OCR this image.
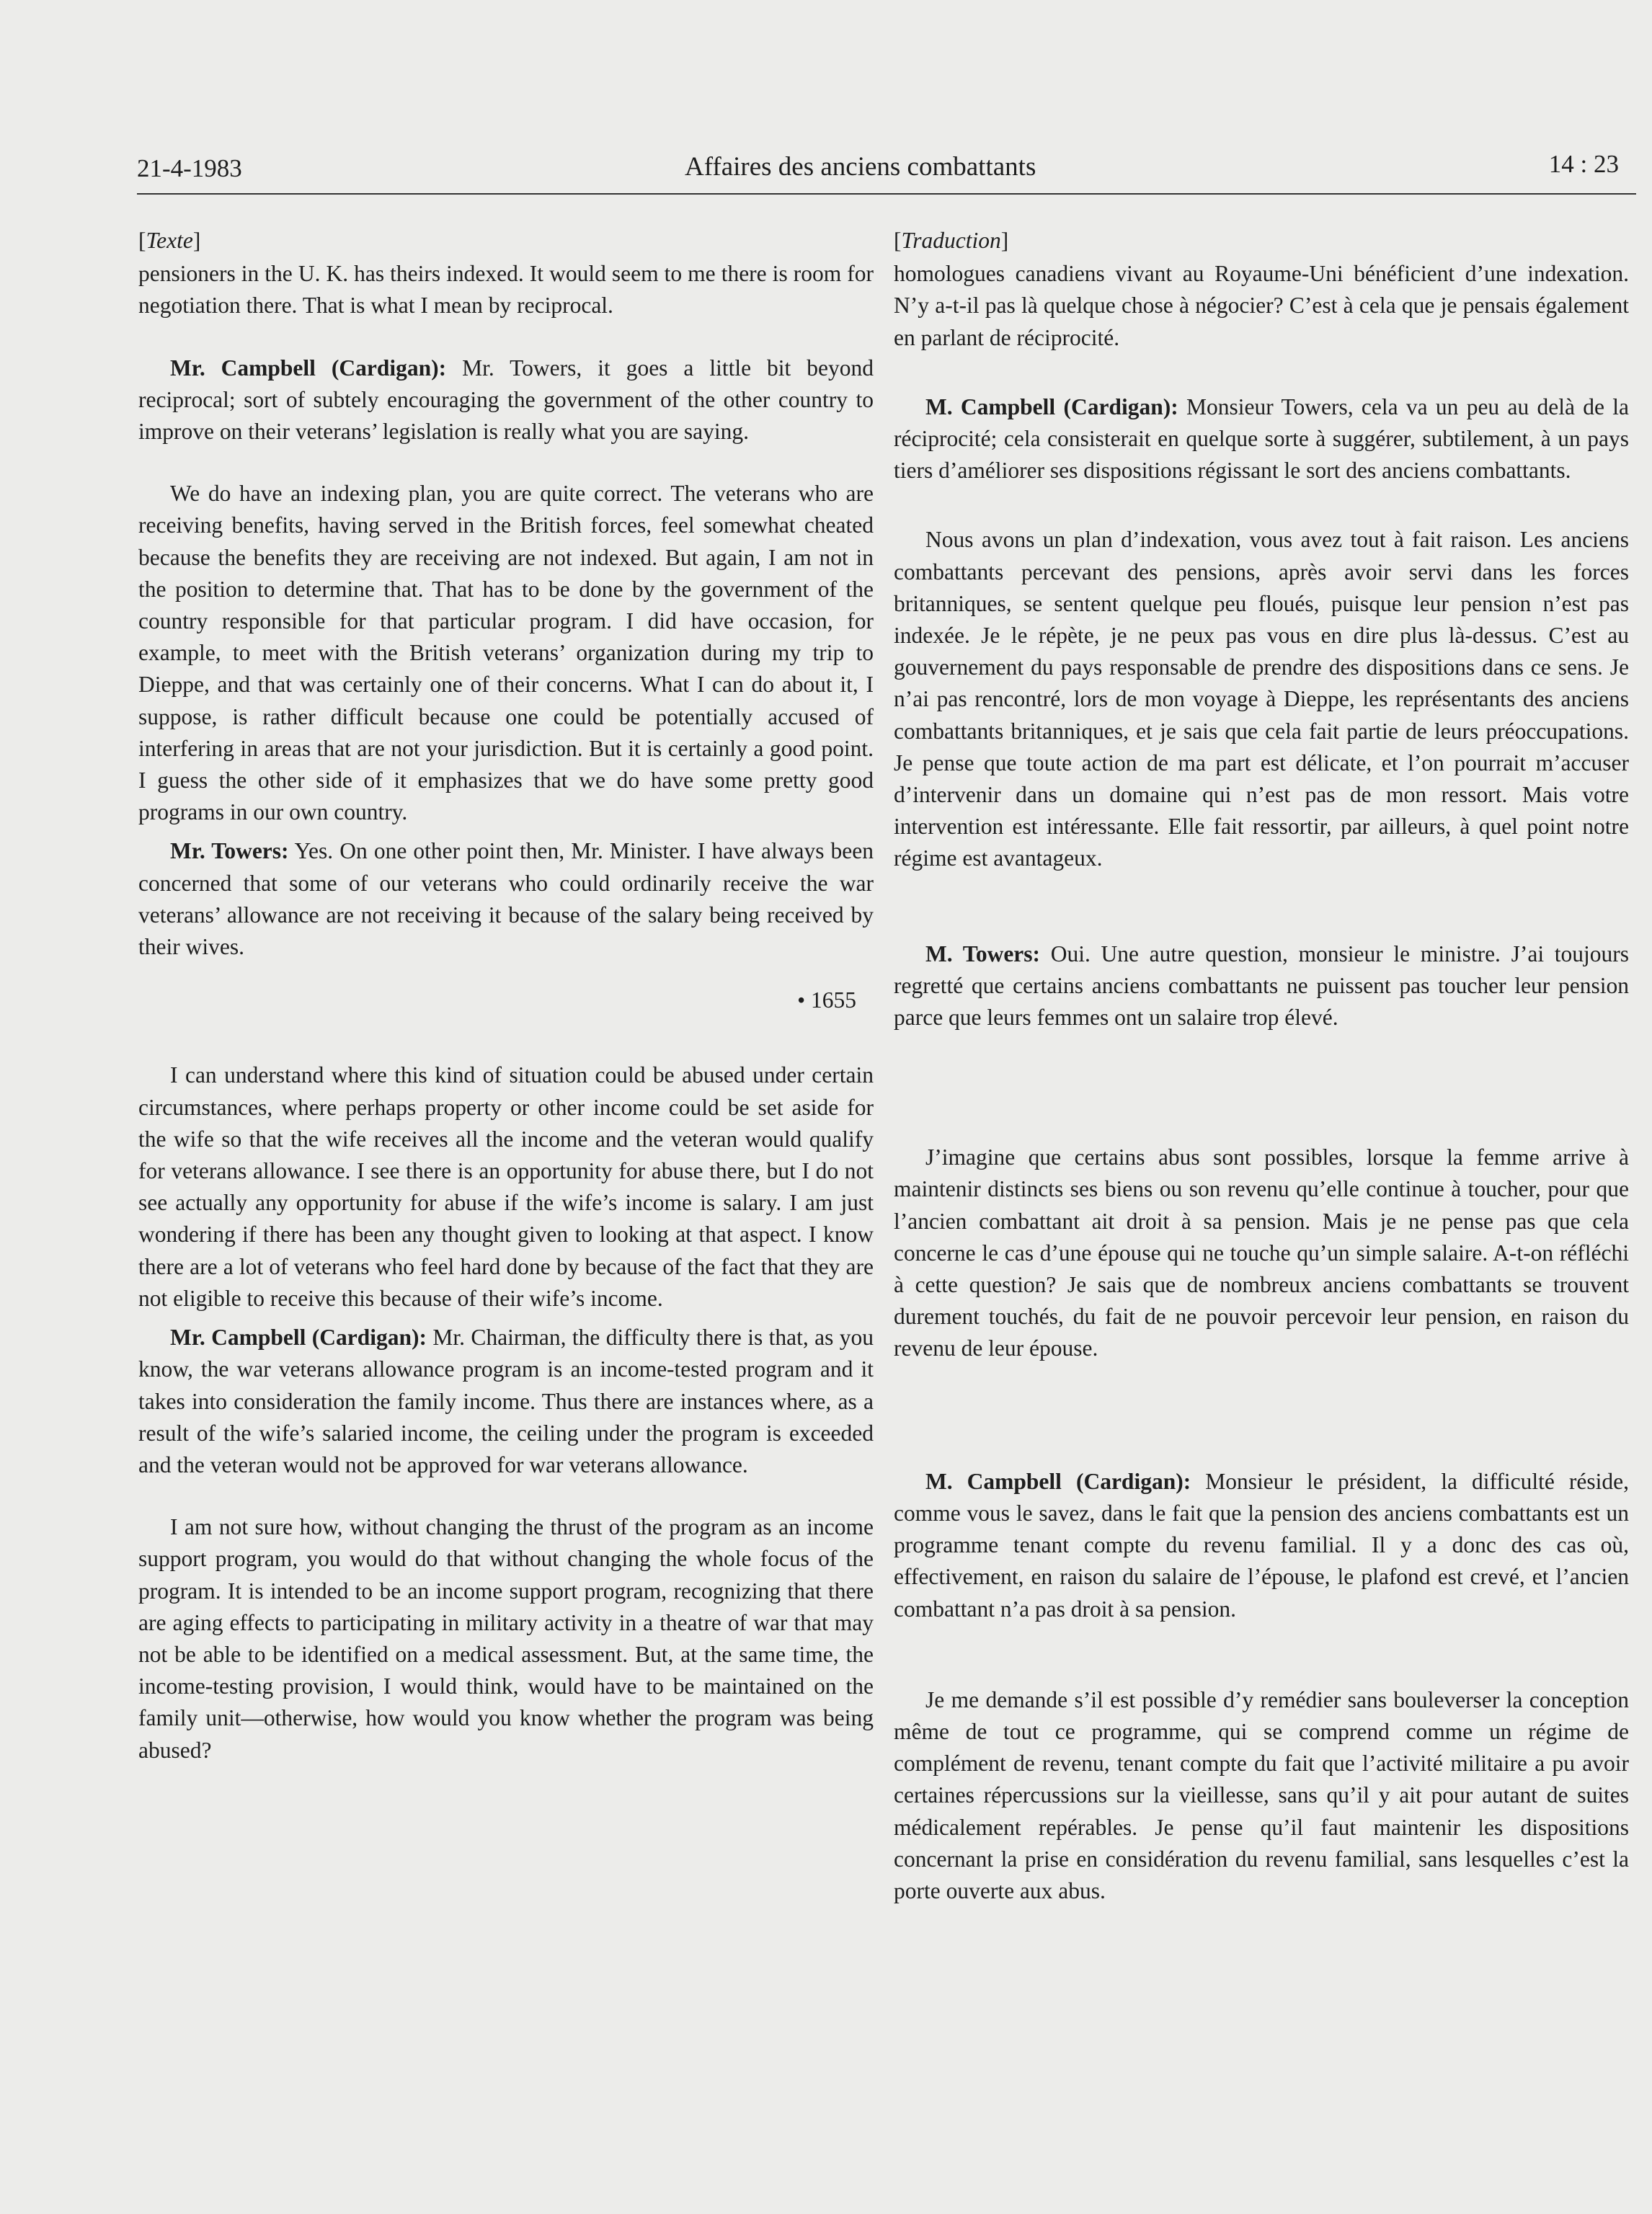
21-4-1983	Affaires des anciens combattants	14 : 23
[Texte]

pensioners in the U. K. has theirs indexed. It would seem to me there is room for negotiation there. That is what I mean by reciprocal.

Mr. Campbell (Cardigan): Mr. Towers, it goes a little bit beyond reciprocal; sort of subtely encouraging the government of the other country to improve on their veterans’ legislation is really what you are saying.

We do have an indexing plan, you are quite correct. The veterans who are receiving benefits, having served in the British forces, feel somewhat cheated because the benefits they are receiving are not indexed. But again, I am not in the position to determine that. That has to be done by the government of the country responsible for that particular program. I did have occasion, for example, to meet with the British veterans’ organization during my trip to Dieppe, and that was certainly one of their concerns. What I can do about it, I suppose, is rather difficult because one could be potentially accused of interfering in areas that are not your jurisdiction. But it is certainly a good point. I guess the other side of it emphasizes that we do have some pretty good programs in our own country.

Mr. Towers: Yes. On one other point then, Mr. Minister. I have always been concerned that some of our veterans who could ordinarily receive the war veterans’ allowance are not receiving it because of the salary being received by their wives.

• 1655

I can understand where this kind of situation could be abused under certain circumstances, where perhaps property or other income could be set aside for the wife so that the wife receives all the income and the veteran would qualify for veterans allowance. I see there is an opportunity for abuse there, but I do not see actually any opportunity for abuse if the wife’s income is salary. I am just wondering if there has been any thought given to looking at that aspect. I know there are a lot of veterans who feel hard done by because of the fact that they are not eligible to receive this because of their wife’s income.

Mr. Campbell (Cardigan): Mr. Chairman, the difficulty there is that, as you know, the war veterans allowance program is an income-tested program and it takes into consideration the family income. Thus there are instances where, as a result of the wife’s salaried income, the ceiling under the program is exceeded and the veteran would not be approved for war veterans allowance.

I am not sure how, without changing the thrust of the program as an income support program, you would do that without changing the whole focus of the program. It is intended to be an income support program, recognizing that there are aging effects to participating in military activity in a theatre of war that may not be able to be identified on a medical assessment. But, at the same time, the income-testing provision, I would think, would have to be maintained on the family unit—otherwise, how would you know whether the program was being abused?

[Traduction]

homologues canadiens vivant au Royaume-Uni bénéficient d’une indexation. N’y a-t-il pas là quelque chose à négocier? C’est à cela que je pensais également en parlant de réciprocité.

M. Campbell (Cardigan): Monsieur Towers, cela va un peu au delà de la réciprocité; cela consisterait en quelque sorte à suggérer, subtilement, à un pays tiers d’améliorer ses dispositions régissant le sort des anciens combattants.

Nous avons un plan d’indexation, vous avez tout à fait raison. Les anciens combattants percevant des pensions, après avoir servi dans les forces britanniques, se sentent quelque peu floués, puisque leur pension n’est pas indexée. Je le répète, je ne peux pas vous en dire plus là-dessus. C’est au gouvernement du pays responsable de prendre des dispositions dans ce sens. Je n’ai pas rencontré, lors de mon voyage à Dieppe, les représentants des anciens combattants britanniques, et je sais que cela fait partie de leurs préoccupations. Je pense que toute action de ma part est délicate, et l’on pourrait m’accuser d’intervenir dans un domaine qui n’est pas de mon ressort. Mais votre intervention est intéressante. Elle fait ressortir, par ailleurs, à quel point notre régime est avantageux.

M. Towers: Oui. Une autre question, monsieur le ministre. J’ai toujours regretté que certains anciens combattants ne puissent pas toucher leur pension parce que leurs femmes ont un salaire trop élevé.

J’imagine que certains abus sont possibles, lorsque la femme arrive à maintenir distincts ses biens ou son revenu qu’elle continue à toucher, pour que l’ancien combattant ait droit à sa pension. Mais je ne pense pas que cela concerne le cas d’une épouse qui ne touche qu’un simple salaire. A-t-on réfléchi à cette question? Je sais que de nombreux anciens combattants se trouvent durement touchés, du fait de ne pouvoir percevoir leur pension, en raison du revenu de leur épouse.

M. Campbell (Cardigan): Monsieur le président, la difficulté réside, comme vous le savez, dans le fait que la pension des anciens combattants est un programme tenant compte du revenu familial. Il y a donc des cas où, effectivement, en raison du salaire de l’épouse, le plafond est crevé, et l’ancien combattant n’a pas droit à sa pension.

Je me demande s’il est possible d’y remédier sans bouleverser la conception même de tout ce programme, qui se comprend comme un régime de complément de revenu, tenant compte du fait que l’activité militaire a pu avoir certaines répercussions sur la vieillesse, sans qu’il y ait pour autant de suites médicalement repérables. Je pense qu’il faut maintenir les dispositions concernant la prise en considération du revenu familial, sans lesquelles c’est la porte ouverte aux abus.
